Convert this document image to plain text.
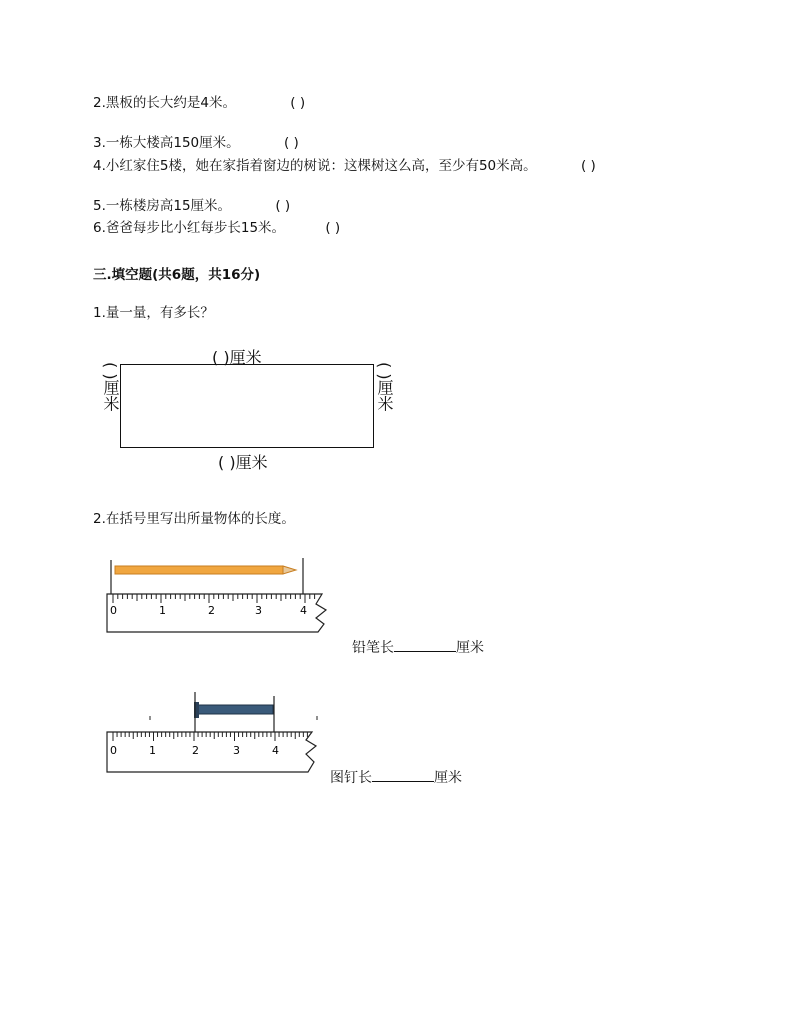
2.黑板的长大约是4米。	( )
3.一栋大楼高150厘米。	( )
4.小红家住5楼，她在家指着窗边的树说：这棵树这么高，至少有50米高。	( )
5.一栋楼房高15厘米。	( )
6.爸爸每步比小红每步长15米。	( )
三.填空题(共6题，共16分)
1.量一量，有多长？
( )厘米
( )厘米	( )厘米
( )厘米
2.在括号里写出所量物体的长度。
0	1	2	3	4
铅笔长	厘米
0	1	2	3	4
图钉长	厘米
